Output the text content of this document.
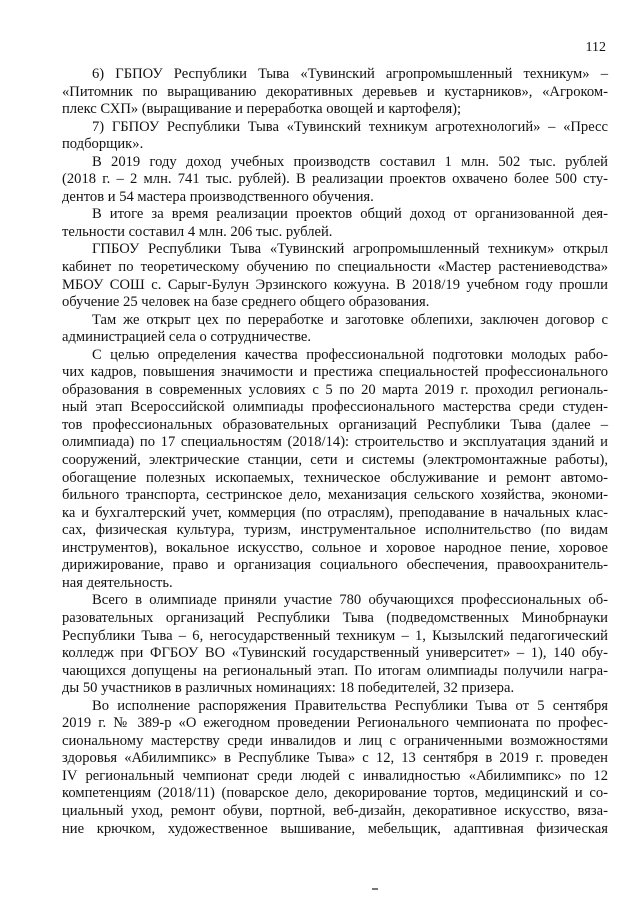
112
6) ГБПОУ Республики Тыва «Тувинский агропромышленный техникум» –
«Питомник по выращиванию декоративных деревьев и кустарников», «Агроком-
плекс СХП» (выращивание и переработка овощей и картофеля);
7) ГБПОУ Республики Тыва «Тувинский техникум агротехнологий» – «Пресс
подборщик».
В 2019 году доход учебных производств составил 1 млн. 502 тыс. рублей
(2018 г. – 2 млн. 741 тыс. рублей). В реализации проектов охвачено более 500 сту-
дентов и 54 мастера производственного обучения.
В итоге за время реализации проектов общий доход от организованной дея-
тельности составил 4 млн. 206 тыс. рублей.
ГПБОУ Республики Тыва «Тувинский агропромышленный техникум» открыл
кабинет по теоретическому обучению по специальности «Мастер растениеводства»
МБОУ СОШ с. Сарыг-Булун Эрзинского кожууна. В 2018/19 учебном году прошли
обучение 25 человек на базе среднего общего образования.
Там же открыт цех по переработке и заготовке облепихи, заключен договор с
администрацией села о сотрудничестве.
С целью определения качества профессиональной подготовки молодых рабо-
чих кадров, повышения значимости и престижа специальностей профессионального
образования в современных условиях с 5 по 20 марта 2019 г. проходил региональ-
ный этап Всероссийской олимпиады профессионального мастерства среди студен-
тов профессиональных образовательных организаций Республики Тыва (далее –
олимпиада) по 17 специальностям (2018/14): строительство и эксплуатация зданий и
сооружений, электрические станции, сети и системы (электромонтажные работы),
обогащение полезных ископаемых, техническое обслуживание и ремонт автомо-
бильного транспорта, сестринское дело, механизация сельского хозяйства, экономи-
ка и бухгалтерский учет, коммерция (по отраслям), преподавание в начальных клас-
сах, физическая культура, туризм, инструментальное исполнительство (по видам
инструментов), вокальное искусство, сольное и хоровое народное пение, хоровое
дирижирование, право и организация социального обеспечения, правоохранитель-
ная деятельность.
Всего в олимпиаде приняли участие 780 обучающихся профессиональных об-
разовательных организаций Республики Тыва (подведомственных Минобрнауки
Республики Тыва – 6, негосударственный техникум – 1, Кызылский педагогический
колледж при ФГБОУ ВО «Тувинский государственный университет» – 1), 140 обу-
чающихся допущены на региональный этап. По итогам олимпиады получили награ-
ды 50 участников в различных номинациях: 18 победителей, 32 призера.
Во исполнение распоряжения Правительства Республики Тыва от 5 сентября
2019 г. № 389-р «О ежегодном проведении Регионального чемпионата по профес-
сиональному мастерству среди инвалидов и лиц с ограниченными возможностями
здоровья «Абилимпикс» в Республике Тыва» с 12, 13 сентября в 2019 г. проведен
IV региональный чемпионат среди людей с инвалидностью «Абилимпикс» по 12
компетенциям (2018/11) (поварское дело, декорирование тортов, медицинский и со-
циальный уход, ремонт обуви, портной, веб-дизайн, декоративное искусство, вяза-
ние крючком, художественное вышивание, мебельщик, адаптивная физическая
